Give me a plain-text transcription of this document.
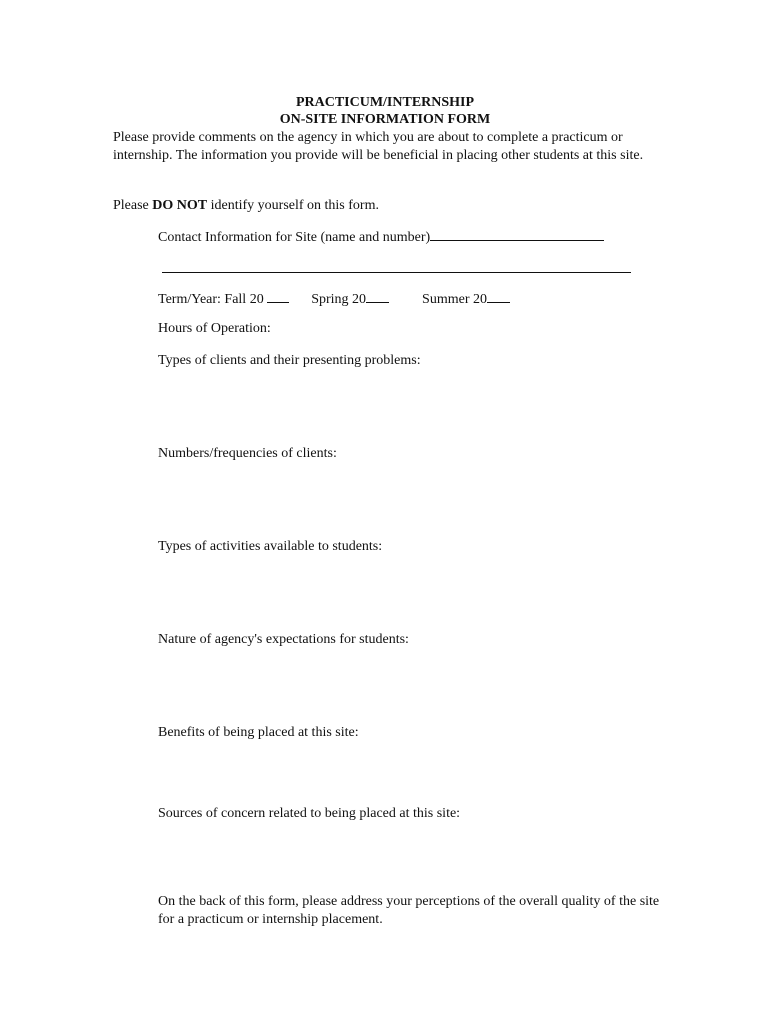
PRACTICUM/INTERNSHIP
ON-SITE INFORMATION FORM
Please provide comments on the agency in which you are about to complete a practicum or internship. The information you provide will be beneficial in placing other students at this site.
Please DO NOT identify yourself on this form.
Contact Information for Site (name and number)
Term/Year: Fall 20	Spring 20	Summer 20
Hours of Operation:
Types of clients and their presenting problems:
Numbers/frequencies of clients:
Types of activities available to students:
Nature of agency's expectations for students:
Benefits of being placed at this site:
Sources of concern related to being placed at this site:
On the back of this form, please address your perceptions of the overall quality of the site for a practicum or internship placement.
